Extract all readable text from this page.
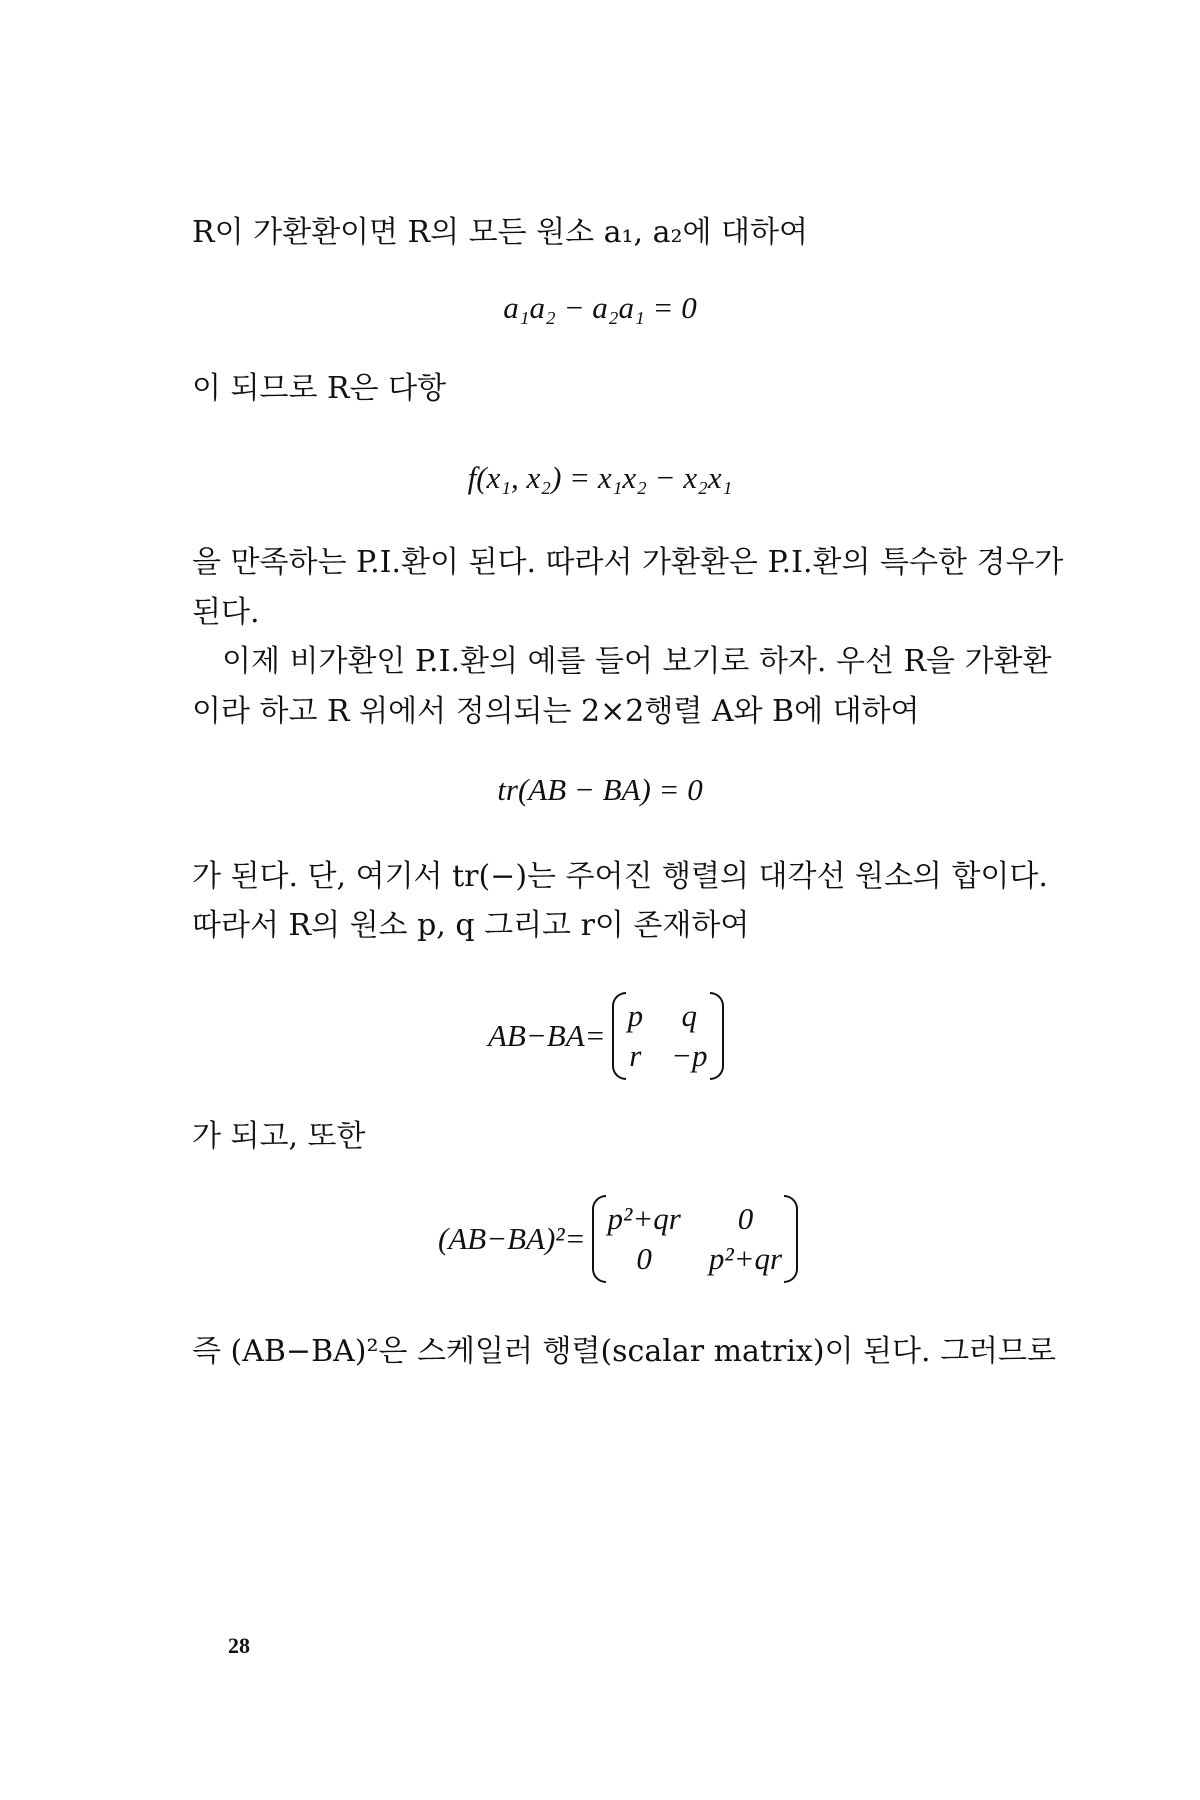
R이 가환환이면 R의 모든 원소 a₁, a₂에 대하여
a₁a₂ − a₂a₁ = 0
이 되므로 R은 다항
f(x₁, x₂) = x₁x₂ − x₂x₁
을 만족하는 P.I.환이 된다. 따라서 가환환은 P.I.환의 특수한 경우가
된다.
이제 비가환인 P.I.환의 예를 들어 보기로 하자. 우선 R을 가환환
이라 하고 R 위에서 정의되는 2×2행렬 A와 B에 대하여
tr(AB − BA) = 0
가 된다. 단, 여기서 tr(−)는 주어진 행렬의 대각선 원소의 합이다.
따라서 R의 원소 p, q 그리고 r이 존재하여
AB−BA=
p	q
r −p
가 되고, 또한
(AB−BA)²=
p²+qr	0
0	p²+qr
즉 (AB−BA)²은 스케일러 행렬(scalar matrix)이 된다. 그러므로
28
